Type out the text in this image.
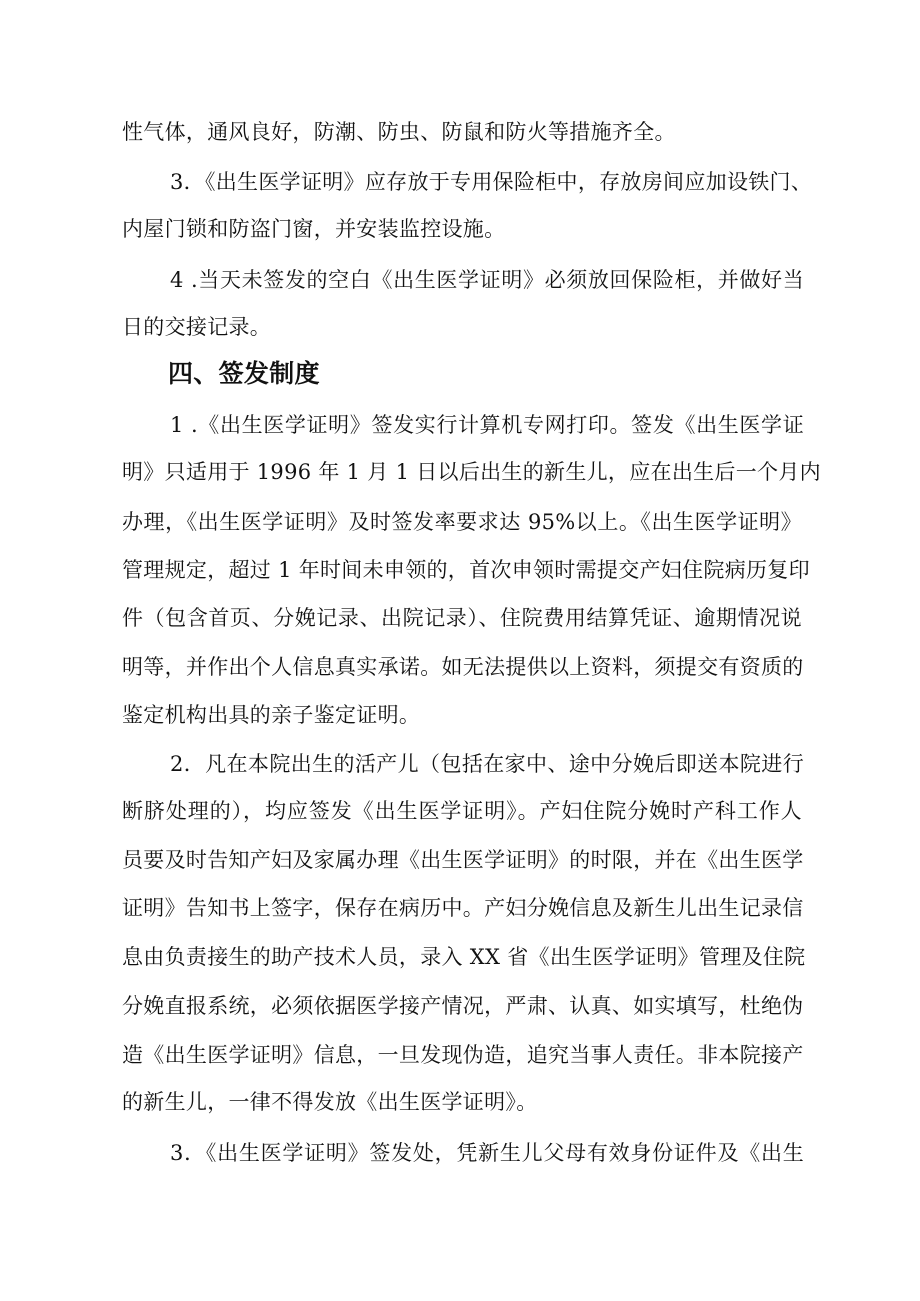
性气体，通风良好，防潮、防虫、防鼠和防火等措施齐全。
3．《出生医学证明》应存放于专用保险柜中，存放房间应加设铁门、
内屋门锁和防盗门窗，并安装监控设施。
4 .当天未签发的空白《出生医学证明》必须放回保险柜，并做好当
日的交接记录。
四、签发制度
1 .《出生医学证明》签发实行计算机专网打印。签发《出生医学证
明》只适用于 1996 年 1 月 1 日以后出生的新生儿，应在出生后一个月内
办理，《出生医学证明》及时签发率要求达 95%以上。《出生医学证明》
管理规定，超过 1 年时间未申领的，首次申领时需提交产妇住院病历复印
件（包含首页、分娩记录、出院记录）、住院费用结算凭证、逾期情况说
明等，并作出个人信息真实承诺。如无法提供以上资料，须提交有资质的
鉴定机构出具的亲子鉴定证明。
2．凡在本院出生的活产儿（包括在家中、途中分娩后即送本院进行
断脐处理的），均应签发《出生医学证明》。产妇住院分娩时产科工作人
员要及时告知产妇及家属办理《出生医学证明》的时限，并在《出生医学
证明》告知书上签字，保存在病历中。产妇分娩信息及新生儿出生记录信
息由负责接生的助产技术人员，录入 XX 省《出生医学证明》管理及住院
分娩直报系统，必须依据医学接产情况，严肃、认真、如实填写，杜绝伪
造《出生医学证明》信息，一旦发现伪造，追究当事人责任。非本院接产
的新生儿，一律不得发放《出生医学证明》。
3．《出生医学证明》签发处，凭新生儿父母有效身份证件及《出生
